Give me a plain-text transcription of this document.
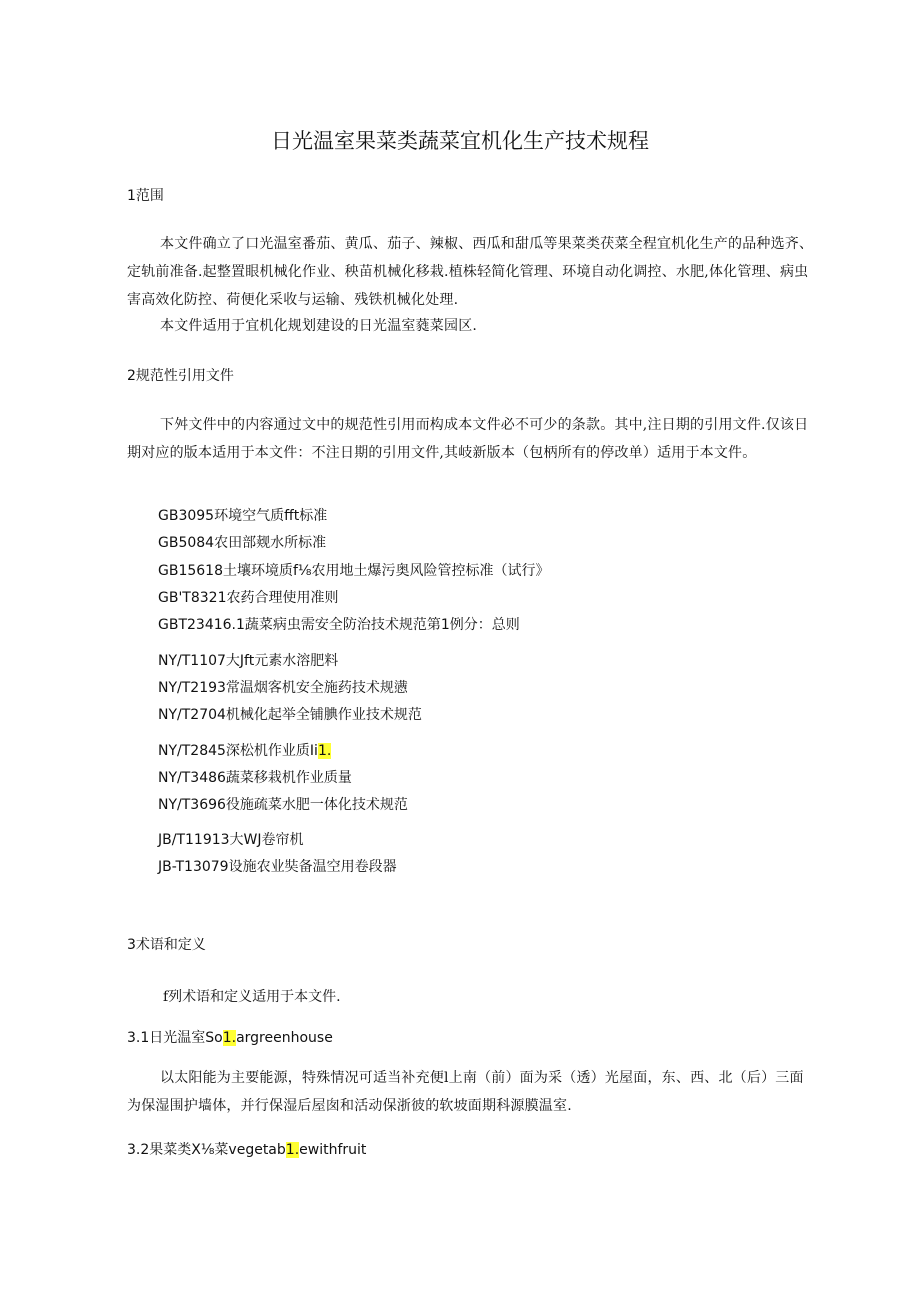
日光温室果菜类蔬菜宜机化生产技术规程
1范围
本文件确立了口光温室番茄、黄瓜、茄子、辣椒、西瓜和甜瓜等果菜类茯菜全程宜机化生产的品种选齐、定轨前准备.起整置眼机械化作业、秧苗机械化移栽.植株轻简化管理、环境自动化调控、水肥,体化管理、病虫害高效化防控、荷便化采收与运输、残铁机械化处理.
本文件适用于宜机化规划建设的日光温室蕤菜园区.
2规范性引用文件
下舛文件中的内容通过文中的规范性引用而构成本文件必不可少的条款。其中,注日期的引用文件.仅该日期对应的版本适用于本文件：不注日期的引用文件,其岐新版本（包柄所有的停改单）适用于本文件。
GB3095环境空气质fft标准
GB5084农田部觌水所标准
GB15618土壤环境质f⅛农用地土爆污奥风险管控标准（试行》
GB'T8321农药合理使用准则
GBT23416.1蔬菜病虫需安全防治技术规范第1例分：总则
NY/T1107大Jft元素水溶肥料
NY/T2193常温烟客机安全施药技术规懑
NY/T2704机械化起举全铺腆作业技术规范
NY/T2845深松机作业质Ii1.
NY/T3486蔬菜移栽机作业质量
NY/T3696役施疏菜水肥一体化技术规范
JB/T11913大WJ卷帘机
JB-T13079设施农业奘备温空用卷段器
3术语和定义
f列术语和定义适用于本文件.
3.1日光温室So1.argreenhouse
以太阳能为主要能源，特殊情况可适当补充便l上南（前）面为采（透）光屋面，东、西、北（后）三面为保湿围护墙体，并行保湿后屋囱和活动保浙彼的软坡面期科源膜温室.
3.2果菜类X⅛菜vegetab1.ewithfruit
